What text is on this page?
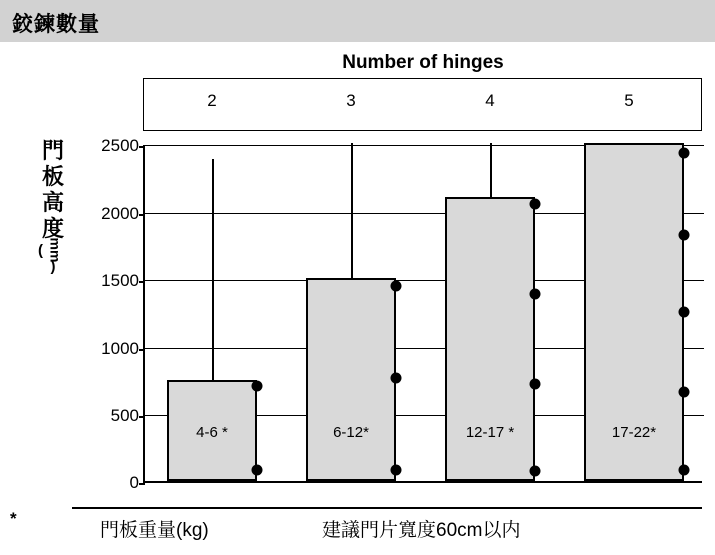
鉸鍊數量
Number of hinges
2	3	4	5
門板高度
( mm)
2500
2000
1500
1000
500
0
4-6 *	6-12*	12-17 *	17-22*
*
門板重量(kg)	建議門片寬度60cm以内
